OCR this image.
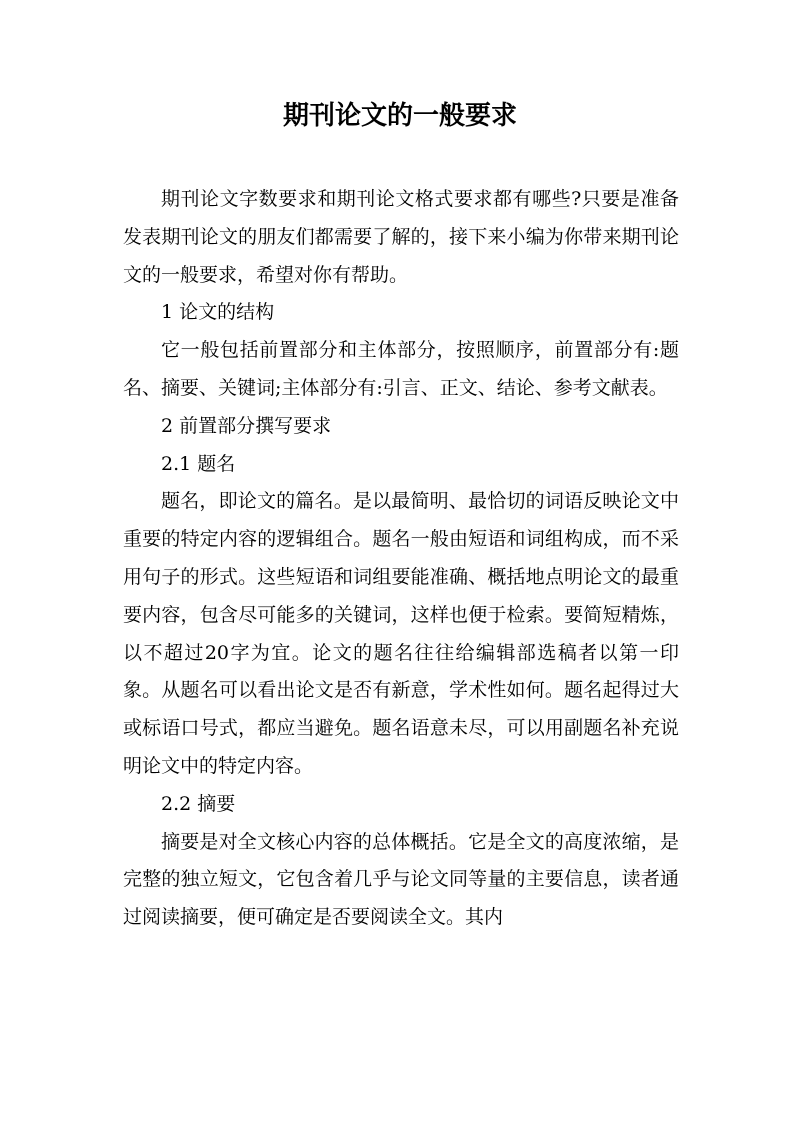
期刊论文的一般要求

期刊论文字数要求和期刊论文格式要求都有哪些?只要是准备发表期刊论文的朋友们都需要了解的，接下来小编为你带来期刊论文的一般要求，希望对你有帮助。

1 论文的结构

它一般包括前置部分和主体部分，按照顺序，前置部分有:题名、摘要、关键词;主体部分有:引言、正文、结论、参考文献表。

2 前置部分撰写要求

2.1 题名

题名，即论文的篇名。是以最简明、最恰切的词语反映论文中重要的特定内容的逻辑组合。题名一般由短语和词组构成，而不采用句子的形式。这些短语和词组要能准确、概括地点明论文的最重要内容，包含尽可能多的关键词，这样也便于检索。要简短精炼，以不超过20字为宜。论文的题名往往给编辑部选稿者以第一印象。从题名可以看出论文是否有新意，学术性如何。题名起得过大或标语口号式，都应当避免。题名语意未尽，可以用副题名补充说明论文中的特定内容。

2.2 摘要

摘要是对全文核心内容的总体概括。它是全文的高度浓缩，是完整的独立短文，它包含着几乎与论文同等量的主要信息，读者通过阅读摘要，便可确定是否要阅读全文。其内
